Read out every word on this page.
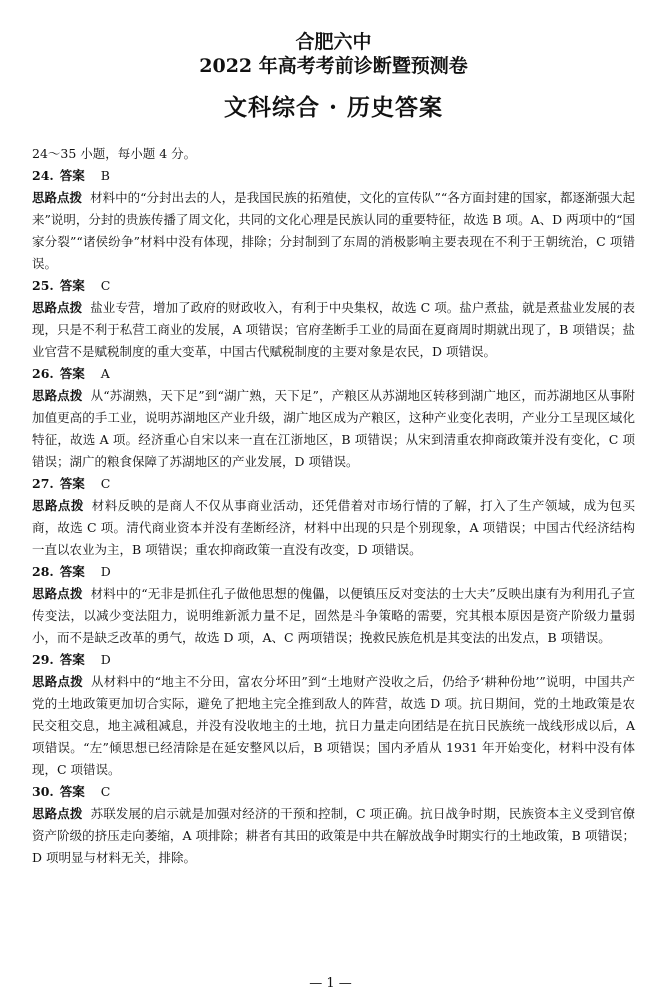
合肥六中
2022 年高考考前诊断暨预测卷
文科综合 · 历史答案
24～35 小题，每小题 4 分。
24. 答案 B

思路点拨 材料中的“分封出去的人，是我国民族的拓殖使，文化的宣传队”“各方面封建的国家，都逐渐强大起来”说明，分封的贵族传播了周文化，共同的文化心理是民族认同的重要特征，故选 B 项。A、D 两项中的“国家分裂”“诸侯纷争”材料中没有体现，排除；分封制到了东周的消极影响主要表现在不利于王朝统治，C 项错误。

25. 答案 C

思路点拨 盐业专营，增加了政府的财政收入，有利于中央集权，故选 C 项。盐户煮盐，就是煮盐业发展的表现，只是不利于私营工商业的发展，A 项错误；官府垄断手工业的局面在夏商周时期就出现了，B 项错误；盐业官营不是赋税制度的重大变革，中国古代赋税制度的主要对象是农民，D 项错误。

26. 答案 A

思路点拨 从“苏湖熟，天下足”到“湖广熟，天下足”，产粮区从苏湖地区转移到湖广地区，而苏湖地区从事附加值更高的手工业，说明苏湖地区产业升级，湖广地区成为产粮区，这种产业变化表明，产业分工呈现区域化特征，故选 A 项。经济重心自宋以来一直在江浙地区，B 项错误；从宋到清重农抑商政策并没有变化，C 项错误；湖广的粮食保障了苏湖地区的产业发展，D 项错误。

27. 答案 C

思路点拨 材料反映的是商人不仅从事商业活动，还凭借着对市场行情的了解，打入了生产领域，成为包买商，故选 C 项。清代商业资本并没有垄断经济，材料中出现的只是个别现象，A 项错误；中国古代经济结构一直以农业为主，B 项错误；重农抑商政策一直没有改变，D 项错误。

28. 答案 D

思路点拨 材料中的“无非是抓住孔子做他思想的傀儡，以便镇压反对变法的士大夫”反映出康有为利用孔子宣传变法，以减少变法阻力，说明维新派力量不足，固然是斗争策略的需要，究其根本原因是资产阶级力量弱小，而不是缺乏改革的勇气，故选 D 项，A、C 两项错误；挽救民族危机是其变法的出发点，B 项错误。

29. 答案 D

思路点拨 从材料中的“地主不分田，富农分坏田”到“土地财产没收之后，仍给予‘耕种份地’”说明，中国共产党的土地政策更加切合实际，避免了把地主完全推到敌人的阵营，故选 D 项。抗日期间，党的土地政策是农民交租交息，地主减租减息，并没有没收地主的土地，抗日力量走向团结是在抗日民族统一战线形成以后，A 项错误。“左”倾思想已经清除是在延安整风以后，B 项错误；国内矛盾从 1931 年开始变化，材料中没有体现，C 项错误。

30. 答案 C

思路点拨 苏联发展的启示就是加强对经济的干预和控制，C 项正确。抗日战争时期，民族资本主义受到官僚资产阶级的挤压走向萎缩，A 项排除；耕者有其田的政策是中共在解放战争时期实行的土地政策，B 项错误；D 项明显与材料无关，排除。

— 1 —
